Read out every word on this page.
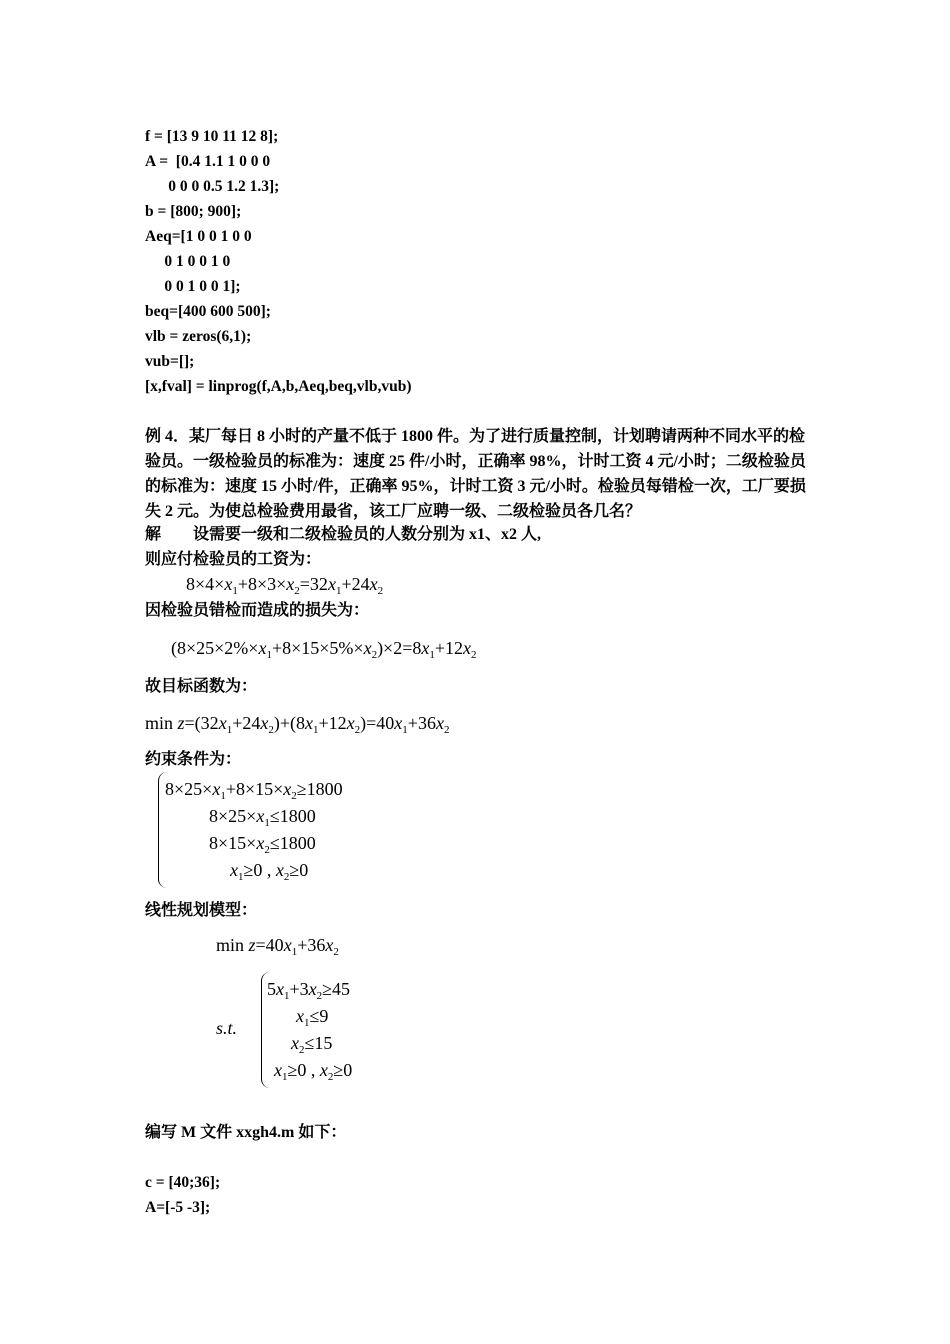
f = [13 9 10 11 12 8];
A =  [0.4 1.1 1 0 0 0
0 0 0 0.5 1.2 1.3];
b = [800; 900];
Aeq=[1 0 0 1 0 0
0 1 0 0 1 0
0 0 1 0 0 1];
beq=[400 600 500];
vlb = zeros(6,1);
vub=[];
[x,fval] = linprog(f,A,b,Aeq,beq,vlb,vub)
例 4．某厂每日 8 小时的产量不低于 1800 件。为了进行质量控制，计划聘请两种不同水平的检验员。一级检验员的标准为：速度 25 件/小时，正确率 98%，计时工资 4 元/小时；二级检验员的标准为：速度 15 小时/件，正确率 95%，计时工资 3 元/小时。检验员每错检一次，工厂要损失 2 元。为使总检验费用最省，该工厂应聘一级、二级检验员各几名？
解　　设需要一级和二级检验员的人数分别为 x1、x2 人,
则应付检验员的工资为：
$8\times 4\times x_1+8\times 3\times x_2=32x_1+24x_2$
因检验员错检而造成的损失为：
$(8\times 25\times 2\%\times x_1+8\times 15\times 5\%\times x_2)\times 2=8x_1+12x_2$
故目标函数为：
$\min z=(32x_1+24x_2)+(8x_1+12x_2)=40x_1+36x_2$
约束条件为：
$8\times 25\times x_1+8\times 15\times x_2\ge 1800$
$8\times 25\times x_1\le 1800$
$8\times 15\times x_2\le 1800$
$x_1\ge 0$ , $x_2\ge 0$
线性规划模型：
$\min z=40x_1+36x_2$
s.t.
$5x_1+3x_2\ge 45$
$x_1\le 9$
$x_2\le 15$
$x_1\ge 0$ , $x_2\ge 0$
编写 M 文件 xxgh4.m 如下：
c = [40;36];
A=[-5 -3];
